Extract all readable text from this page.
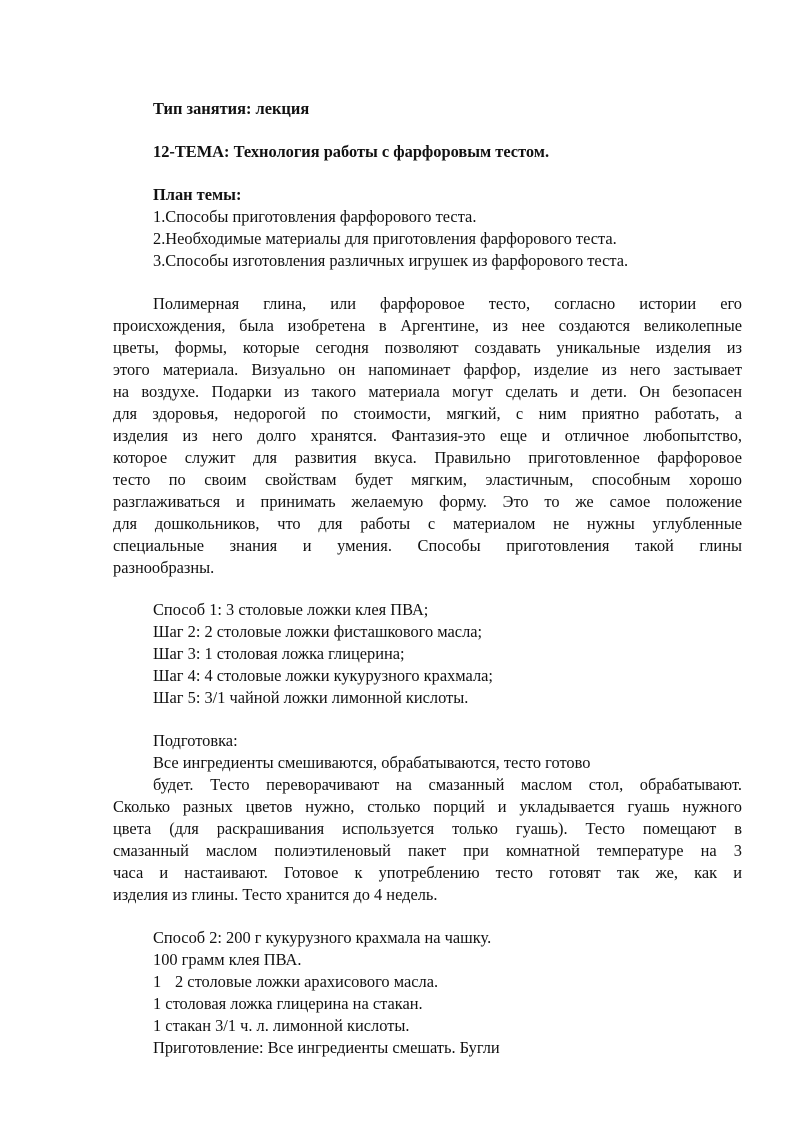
Тип занятия: лекция

12-ТЕМА: Технология работы с фарфоровым тестом.

План темы:

1.Способы приготовления фарфорового теста.

2.Необходимые материалы для приготовления фарфорового теста.

3.Способы изготовления различных игрушек из фарфорового теста.

Полимерная глина, или фарфоровое тесто, согласно истории его

происхождения, была изобретена в Аргентине, из нее создаются великолепные

цветы, формы, которые сегодня позволяют создавать уникальные изделия из

этого материала. Визуально он напоминает фарфор, изделие из него застывает

на воздухе. Подарки из такого материала могут сделать и дети. Он безопасен

для здоровья, недорогой по стоимости, мягкий, с ним приятно работать, а

изделия из него долго хранятся. Фантазия-это еще и отличное любопытство,

которое служит для развития вкуса. Правильно приготовленное фарфоровое

тесто по своим свойствам будет мягким, эластичным, способным хорошо

разглаживаться и принимать желаемую форму. Это то же самое положение

для дошкольников, что для работы с материалом не нужны углубленные

специальные знания и умения. Способы приготовления такой глины

разнообразны.

Способ 1: 3 столовые ложки клея ПВА;

Шаг 2: 2 столовые ложки фисташкового масла;

Шаг 3: 1 столовая ложка глицерина;

Шаг 4: 4 столовые ложки кукурузного крахмала;

Шаг 5: 3/1 чайной ложки лимонной кислоты.

Подготовка:

Все ингредиенты смешиваются, обрабатываются, тесто готово

будет. Тесто переворачивают на смазанный маслом стол, обрабатывают.

Сколько разных цветов нужно, столько порций и укладывается гуашь нужного

цвета (для раскрашивания используется только гуашь). Тесто помещают в

смазанный маслом полиэтиленовый пакет при комнатной температуре на 3

часа и настаивают. Готовое к употреблению тесто готовят так же, как и

изделия из глины. Тесто хранится до 4 недель.

Способ 2: 200 г кукурузного крахмала на чашку.

100 грамм клея ПВА.

1 2 столовые ложки арахисового масла.

1 столовая ложка глицерина на стакан.

1 стакан 3/1 ч. л. лимонной кислоты.

Приготовление: Все ингредиенты смешать. Бугли
